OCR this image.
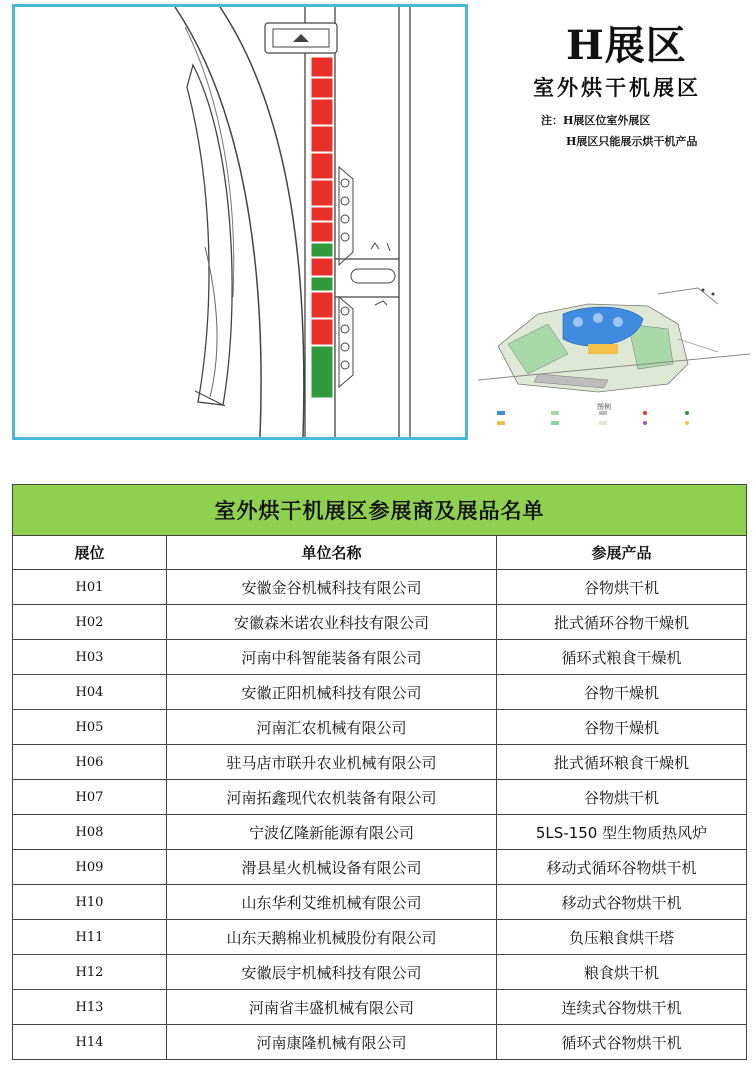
H展区
室外烘干机展区
注：H展区位室外展区
H展区只能展示烘干机产品
图例
室外烘干机展区参展商及展品名单		
展位	单位名称	参展产品
H01	安徽金谷机械科技有限公司	谷物烘干机
H02	安徽森米诺农业科技有限公司	批式循环谷物干燥机
H03	河南中科智能装备有限公司	循环式粮食干燥机
H04	安徽正阳机械科技有限公司	谷物干燥机
H05	河南汇农机械有限公司	谷物干燥机
H06	驻马店市联升农业机械有限公司	批式循环粮食干燥机
H07	河南拓鑫现代农机装备有限公司	谷物烘干机
H08	宁波亿隆新能源有限公司	5LS-150 型生物质热风炉
H09	滑县星火机械设备有限公司	移动式循环谷物烘干机
H10	山东华利艾维机械有限公司	移动式谷物烘干机
H11	山东天鹅棉业机械股份有限公司	负压粮食烘干塔
H12	安徽辰宇机械科技有限公司	粮食烘干机
H13	河南省丰盛机械有限公司	连续式谷物烘干机
H14	河南康隆机械有限公司	循环式谷物烘干机
